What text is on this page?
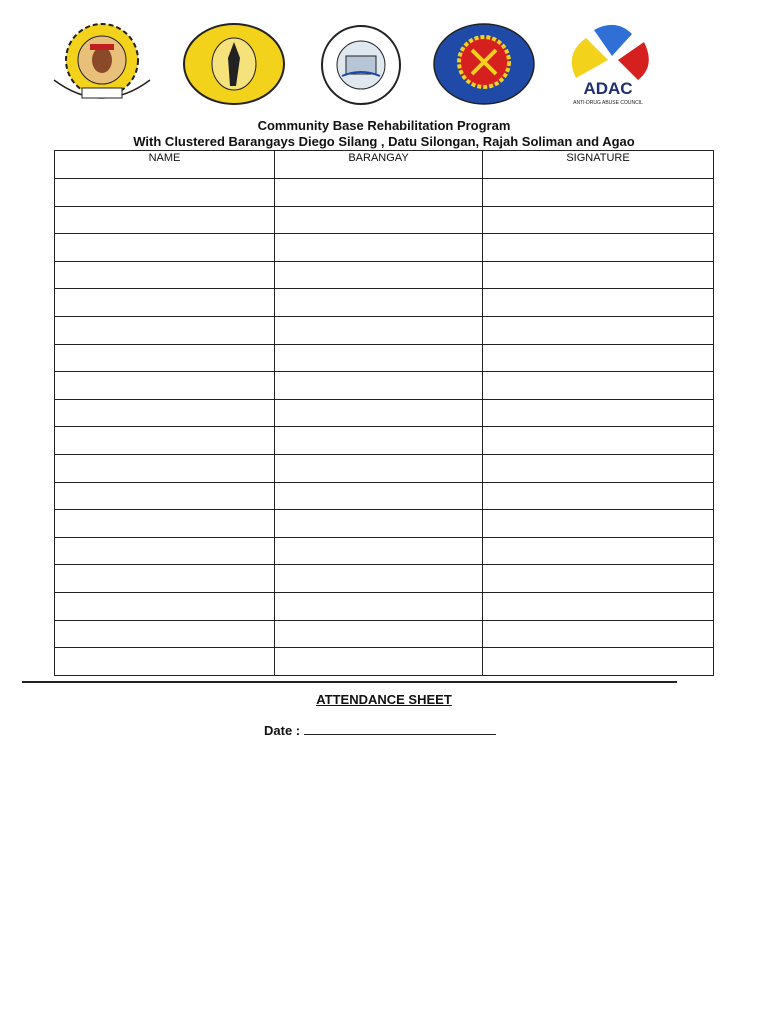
ADAC
ANTI-DRUG ABUSE COUNCIL
Community Base Rehabilitation Program
With Clustered Barangays Diego Silang , Datu Silongan, Rajah Soliman and Agao
NAME	BARANGAY	SIGNATURE

ATTENDANCE SHEET
Date :
